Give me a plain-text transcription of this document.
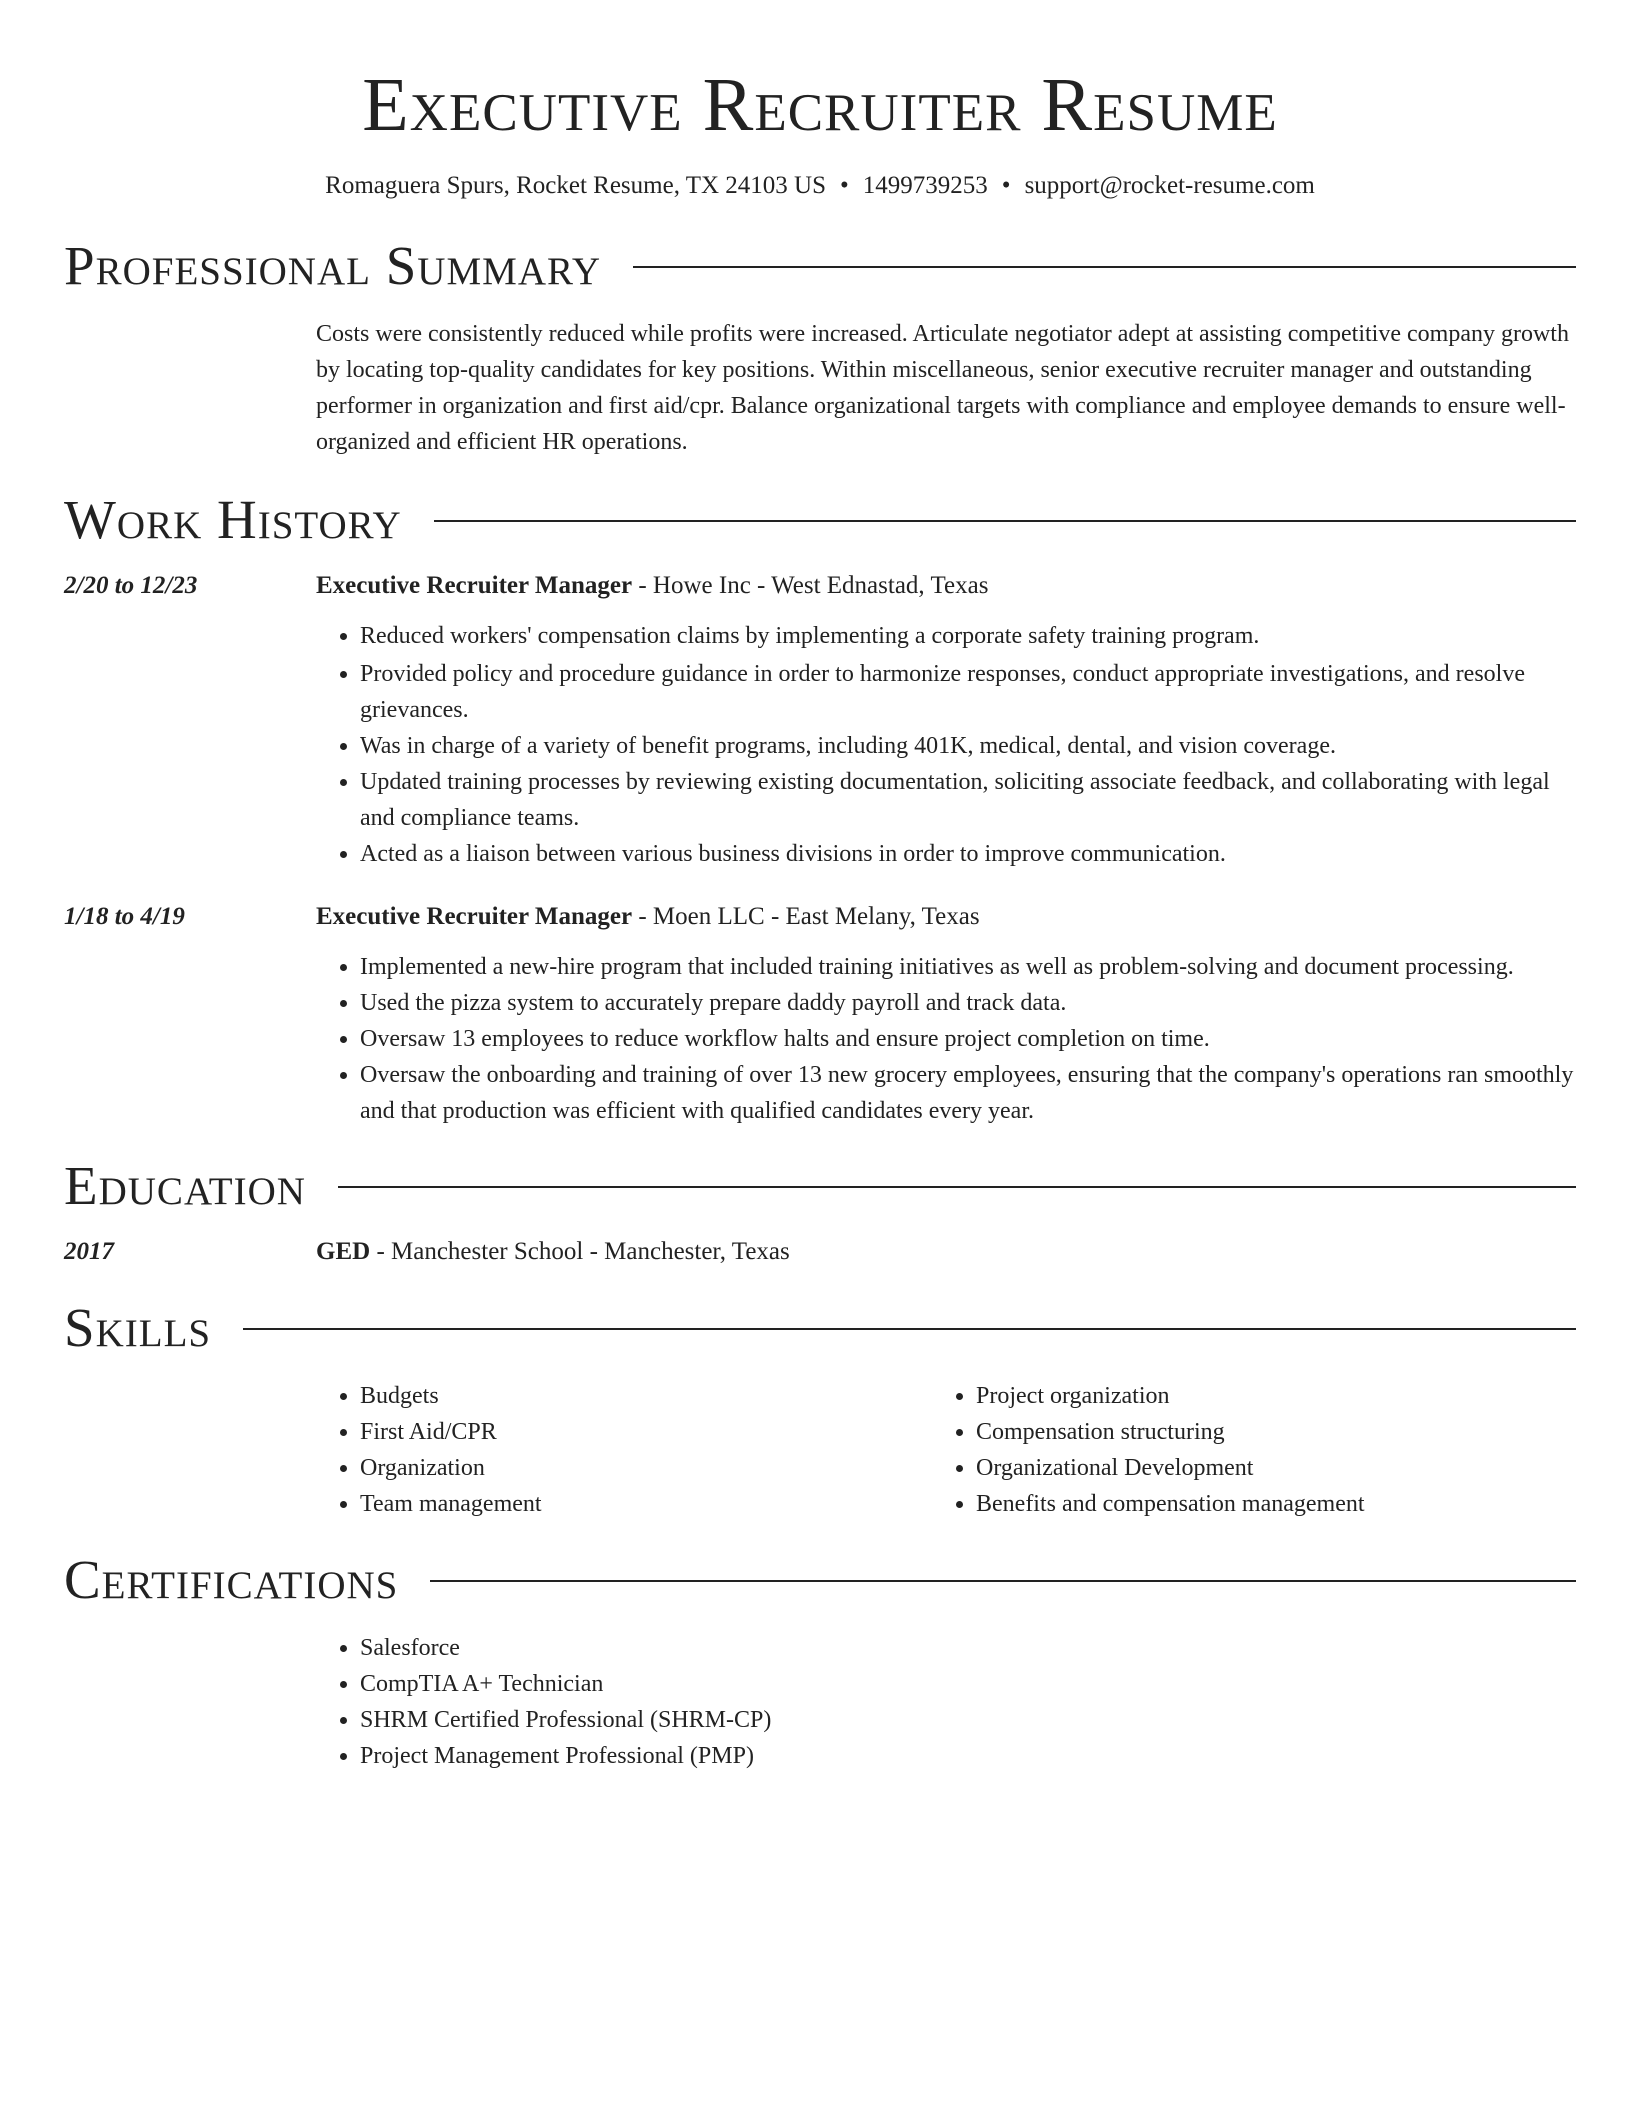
Executive Recruiter Resume
Romaguera Spurs, Rocket Resume, TX 24103 US • 1499739253 • support@rocket-resume.com
Professional Summary

Costs were consistently reduced while profits were increased. Articulate negotiator adept at assisting competitive company growth by locating top-quality candidates for key positions. Within miscellaneous, senior executive recruiter manager and outstanding performer in organization and first aid/cpr. Balance organizational targets with compliance and employee demands to ensure well-organized and efficient HR operations.

Work History
2/20 to 12/23	Executive Recruiter Manager - Howe Inc - West Ednastad, Texas
• Reduced workers' compensation claims by implementing a corporate safety training program.
• Provided policy and procedure guidance in order to harmonize responses, conduct appropriate investigations, and resolve grievances.
• Was in charge of a variety of benefit programs, including 401K, medical, dental, and vision coverage.
• Updated training processes by reviewing existing documentation, soliciting associate feedback, and collaborating with legal and compliance teams.
• Acted as a liaison between various business divisions in order to improve communication.
1/18 to 4/19	Executive Recruiter Manager - Moen LLC - East Melany, Texas
• Implemented a new-hire program that included training initiatives as well as problem-solving and document processing.
• Used the pizza system to accurately prepare daddy payroll and track data.
• Oversaw 13 employees to reduce workflow halts and ensure project completion on time.
• Oversaw the onboarding and training of over 13 new grocery employees, ensuring that the company's operations ran smoothly and that production was efficient with qualified candidates every year.
Education
2017	GED - Manchester School - Manchester, Texas
Skills
• Budgets
• First Aid/CPR
• Organization
• Team management
• Project organization
• Compensation structuring
• Organizational Development
• Benefits and compensation management
Certifications
• Salesforce
• CompTIA A+ Technician
• SHRM Certified Professional (SHRM-CP)
• Project Management Professional (PMP)
